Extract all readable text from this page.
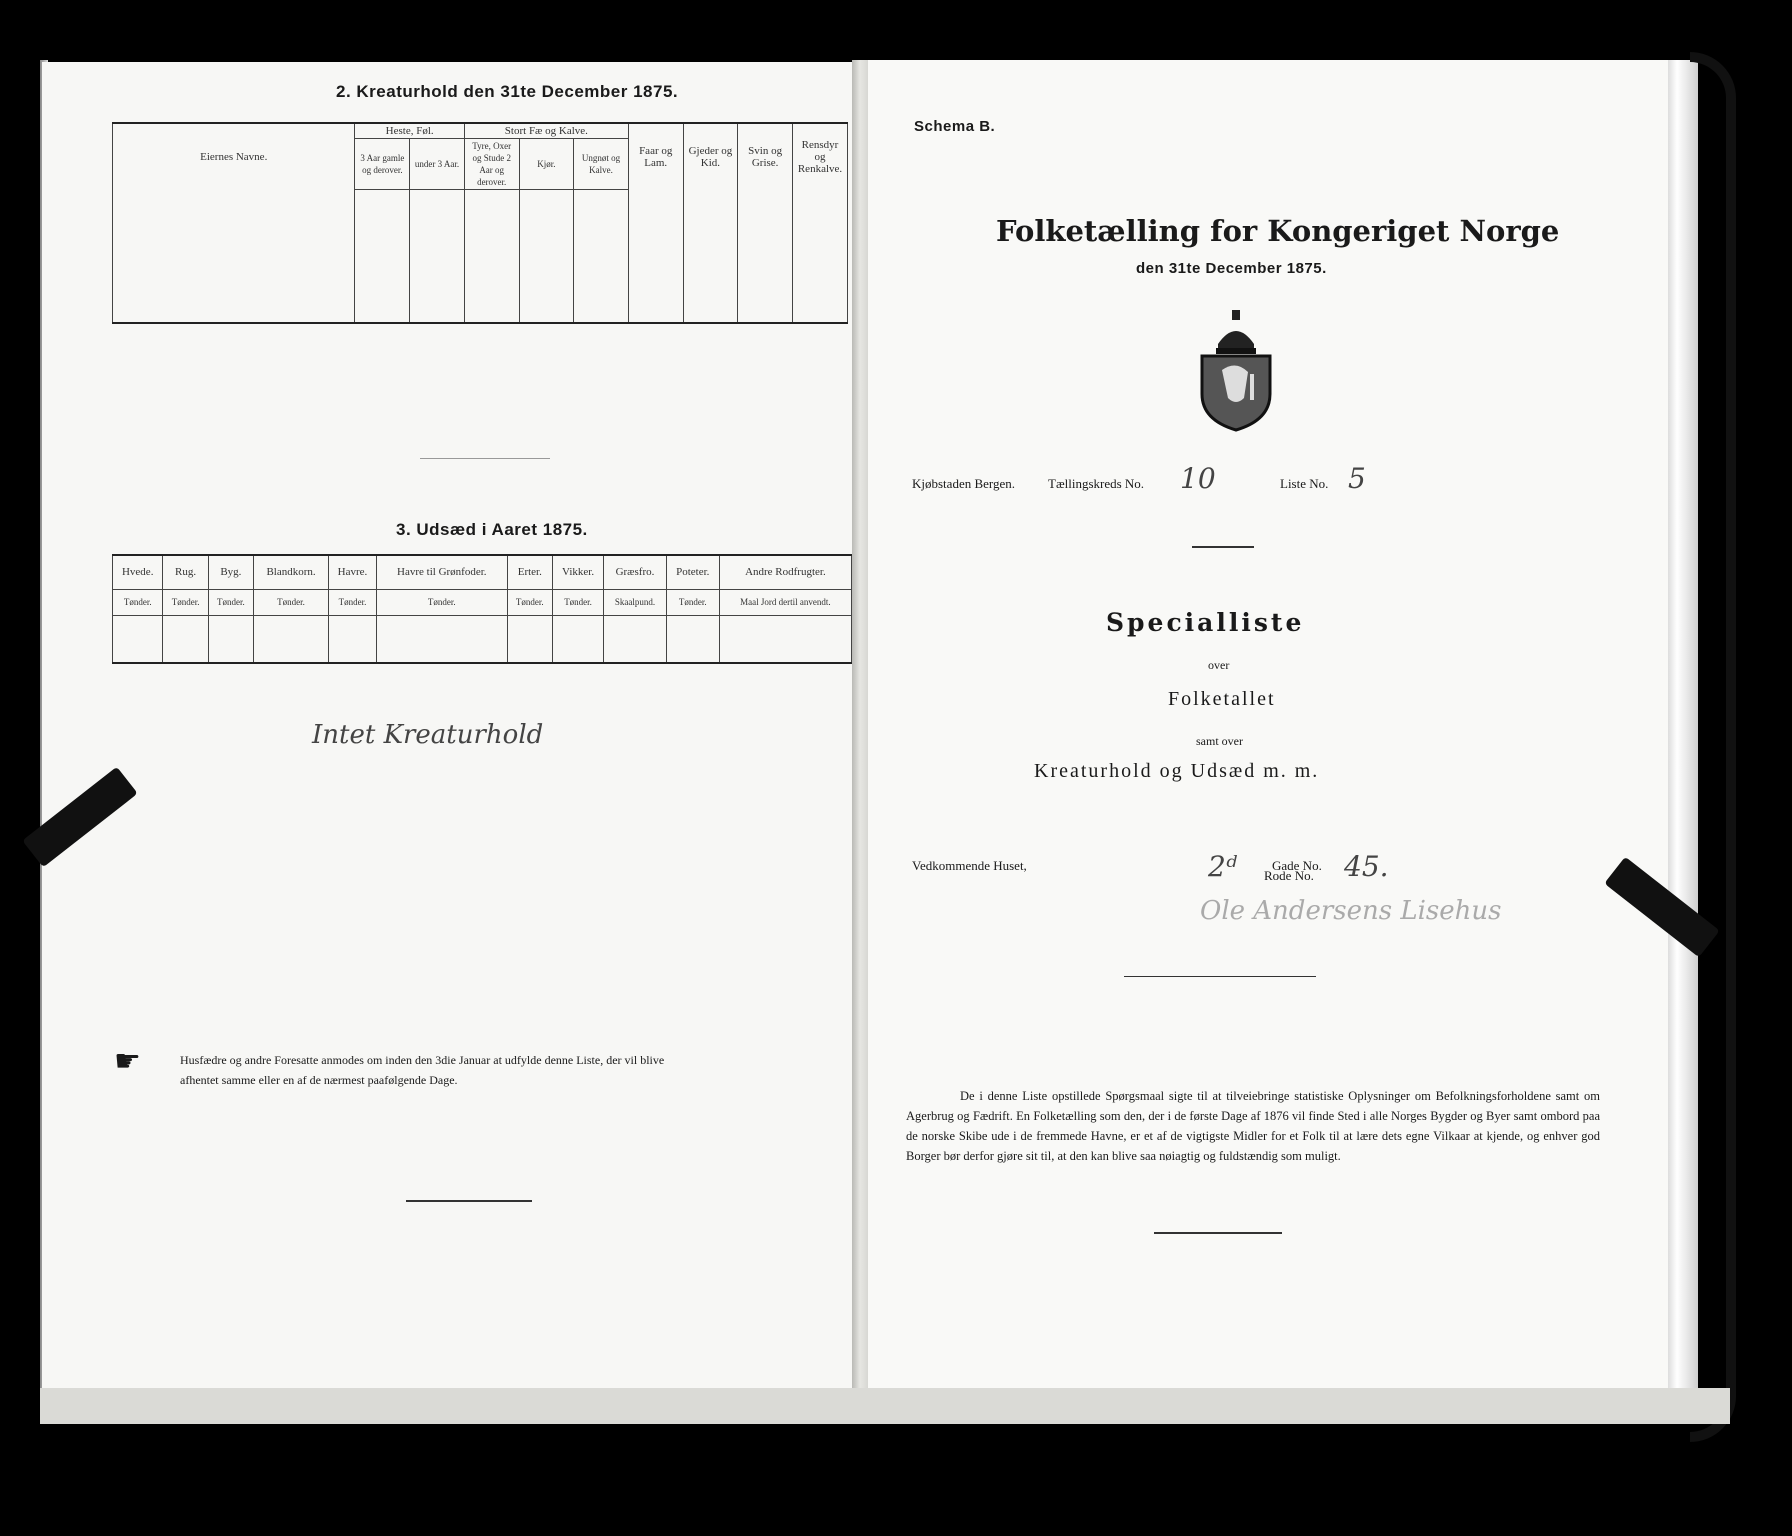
2. Kreaturhold den 31te December 1875.
Eiernes Navne.	Heste, Føl.		Stort Fæ og Kalve.			Faar og Lam.	Gjeder og Kid.	Svin og Grise.	Rensdyr og Renkalve.
	3 Aar gamle og derover.	under 3 Aar.	Tyre, Oxer og Stude 2 Aar og derover.	Kjør.	Ungnøt og Kalve.				

3. Udsæd i Aaret 1875.
Hvede.	Rug.	Byg.	Blandkorn.	Havre.	Havre til Grønfoder.	Erter.	Vikker.	Græsfro.	Poteter.	Andre Rodfrugter.
Tønder.	Tønder.	Tønder.	Tønder.	Tønder.	Tønder.	Tønder.	Tønder.	Skaalpund.	Tønder.	Maal Jord dertil anvendt.

Intet Kreaturhold
☛	Husfædre og andre Foresatte anmodes om inden den 3die Januar at udfylde denne Liste, der vil blive
afhentet samme eller en af de nærmest paafølgende Dage.
Schema B.
Folketælling for Kongeriget Norge
den 31te December 1875.
Kjøbstaden Bergen.	Tællingskreds No. 10	Liste No. 5
Specialliste
over
Folketallet
samt over
Kreaturhold og Udsæd m. m.
Vedkommende Huset,	Gade No.
2ᵈ Rode No. 45.
Ole Andersens Lisehus
De i denne Liste opstillede Spørgsmaal sigte til at tilveiebringe statistiske Oplysninger om Befolkningsforholdene samt om Agerbrug og Fædrift. En Folketælling som den, der i de første Dage af 1876 vil finde Sted i alle Norges Bygder og Byer samt ombord paa de norske Skibe ude i de fremmede Havne, er et af de vigtigste Midler for et Folk til at lære dets egne Vilkaar at kjende, og enhver god Borger bør derfor gjøre sit til, at den kan blive saa nøiagtig og fuldstændig som muligt.
